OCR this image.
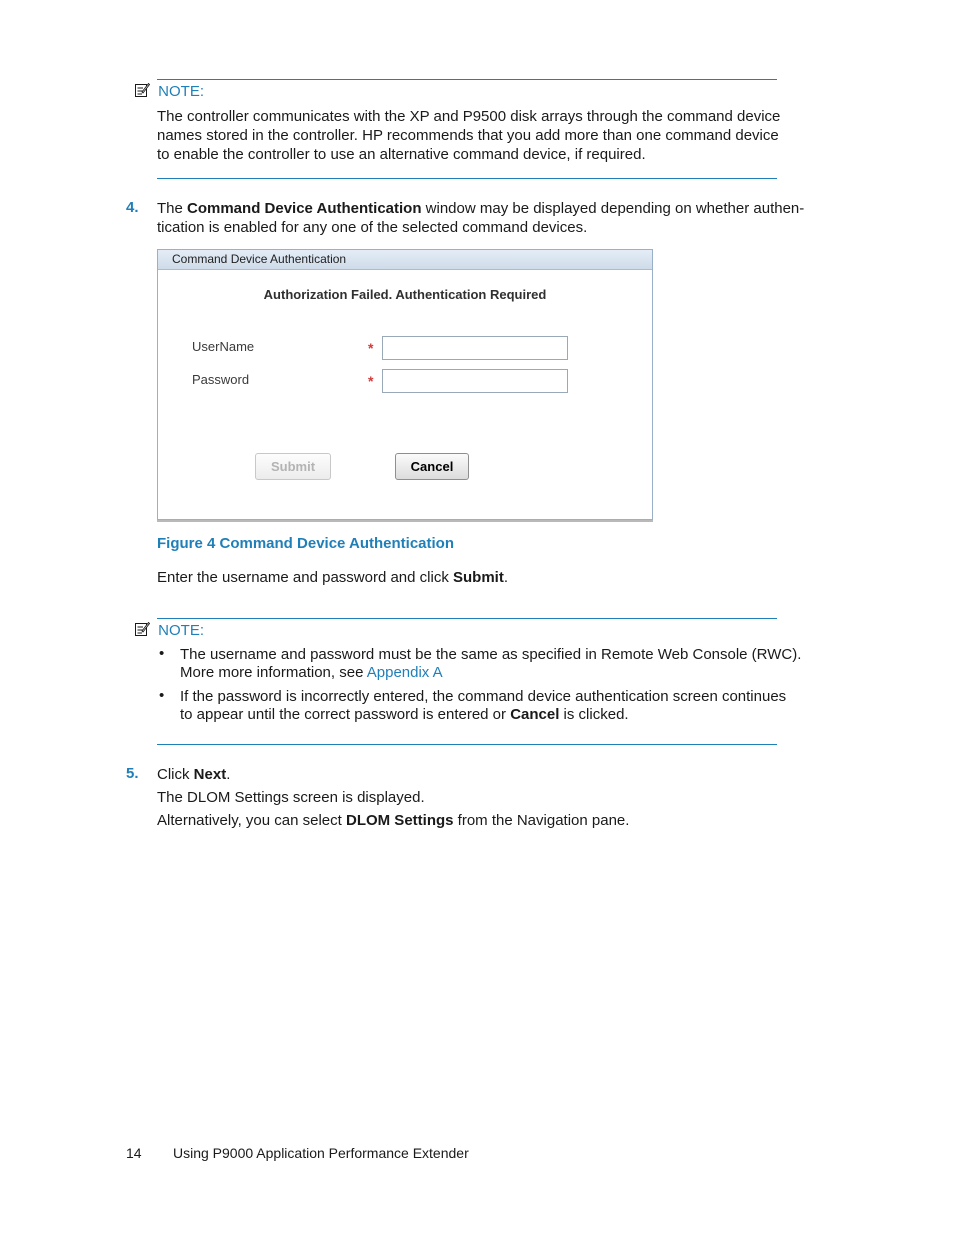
NOTE:
The controller communicates with the XP and P9500 disk arrays through the command device
names stored in the controller. HP recommends that you add more than one command device
to enable the controller to use an alternative command device, if required.
4. The Command Device Authentication window may be displayed depending on whether authen-
tication is enabled for any one of the selected command devices.
Command Device Authentication
Authorization Failed. Authentication Required
UserName	*
Password	*
Submit	Cancel
Figure 4 Command Device Authentication
Enter the username and password and click Submit.
NOTE:
• The username and password must be the same as specified in Remote Web Console (RWC).
More more information, see Appendix A
• If the password is incorrectly entered, the command device authentication screen continues
to appear until the correct password is entered or Cancel is clicked.
5. Click Next.
The DLOM Settings screen is displayed.
Alternatively, you can select DLOM Settings from the Navigation pane.
14 Using P9000 Application Performance Extender
